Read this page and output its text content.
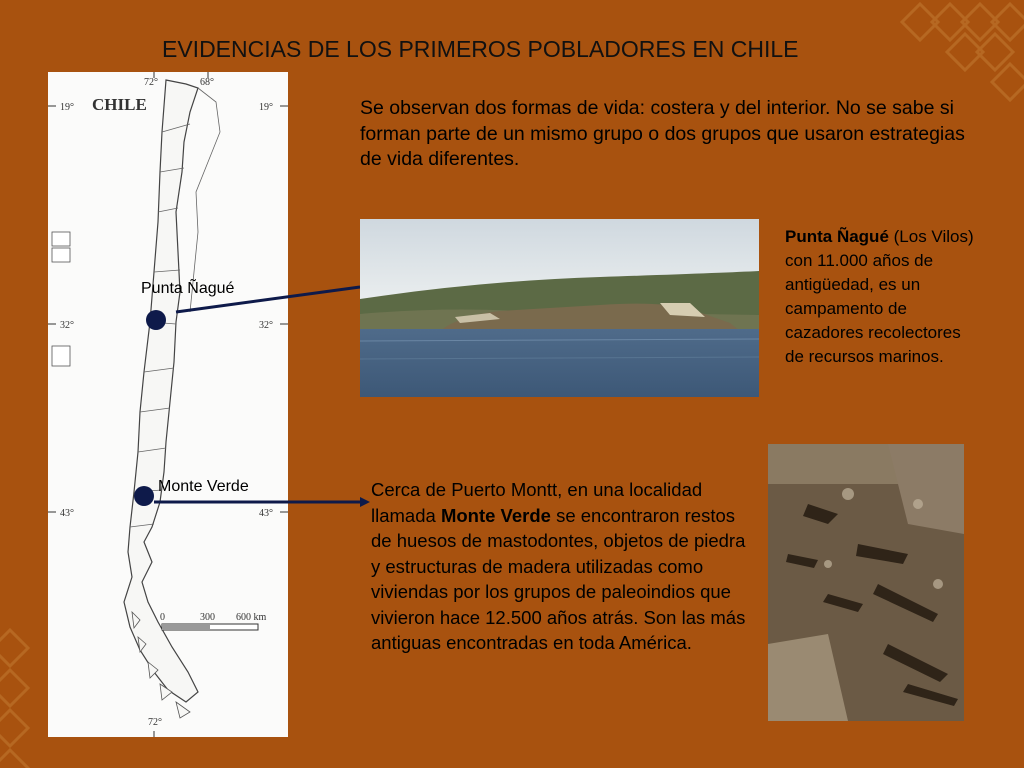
EVIDENCIAS DE LOS PRIMEROS POBLADORES EN CHILE
72°	68°
19°	19°
32°	32°
43°	43°
72°
CHILE
0	300 600 km
Punta Ñagué
Monte Verde
Se observan dos formas de vida: costera y del interior. No se sabe si forman parte de un mismo grupo o dos grupos que usaron estrategias de vida diferentes.
Punta Ñagué (Los Vilos) con 11.000 años de antigüedad, es un campamento de cazadores recolectores de recursos marinos.
Cerca de Puerto Montt, en una localidad llamada Monte Verde se encontraron restos de huesos de mastodontes, objetos de piedra y estructuras de madera utilizadas como viviendas por los grupos de paleoindios que vivieron hace 12.500 años atrás. Son las más antiguas encontradas en toda América.
